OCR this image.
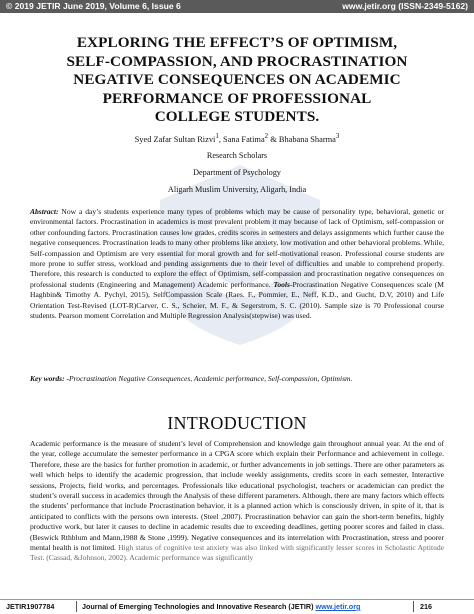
© 2019 JETIR June 2019, Volume 6, Issue 6	www.jetir.org (ISSN-2349-5162)
EXPLORING THE EFFECT’S OF OPTIMISM,
SELF-COMPASSION, AND PROCRASTINATION
NEGATIVE CONSEQUENCES ON ACADEMIC
PERFORMANCE OF PROFESSIONAL
COLLEGE STUDENTS.
Syed Zafar Sultan Rizvi$^1$, Sana Fatima$^2$ & Bhabana Sharma$^3$
Research Scholars
Department of Psychology
Aligarh Muslim University, Aligarh, India
Abstract: Now a day’s students experience many types of problems which may be cause of personality type, behavioral, genetic or environmental factors. Procrastination in academics is most prevalent problem it may because of lack of Optimism, self-compassion or other confounding factors. Procrastination causes low grades, credits scores in semesters and delays assignments which further cause the negative consequences. Procrastination leads to many other problems like anxiety, low motivation and other behavioral problems. While, Self-compassion and Optimism are very essential for moral growth and for self-motivational reason. Professional course students are more prone to suffer stress, workload and pending assignments due to their level of difficulties and unable to comprehend properly. Therefore, this research is conducted to explore the effect of Optimism, self-compassion and procrastination negative consequences on professional students (Engineering and Management) Academic performance. Tools-Procrastination Negative Consequences scale (M Haghbin& Timothy A. Pychyl, 2015), SelfCompassion Scale (Raes. F., Pommier, E., Neff, K.D., and Gucht, D.V, 2010) and Life Orientation Test-Revised (LOT-R)Carver, C. S., Scheier, M. F., & Segerstrom, S. C. (2010). Sample size is 70 Professional course students. Pearson moment Correlation and Multiple Regression Analysis(stepwise) was used.
Key words: -Procrastination Negative Consequences, Academic performance, Self-compassion, Optimism.
INTRODUCTION
Academic performance is the measure of student’s level of Comprehension and knowledge gain throughout annual year. At the end of the year, college accumulate the semester performance in a CPGA score which explain their Performance and achievement in college. Therefore, these are the basics for further promotion in academic, or further advancements in job settings. There are other parameters as well which helps to identify the academic progression, that include weekly assignments, credits score in each semester, Interactive sessions, Projects, field works, and percentages. Professionals like educational psychologist, teachers or academician can predict the student’s overall success in academics through the Analysis of these different parameters. Although, there are many factors which effects the students’ performance that include Procrastination behavior, it is a planned action which is consciously driven, in spite of it, that is anticipated to conflicts with the persons own interests. (Steel ,2007). Procrastination behavior can gain the short-term benefits, highly productive work, but later it causes to decline in academic results due to exceeding deadlines, getting poorer scores and failed in class. (Beswick Rthblum and Mann,1988 & Stone ,1999). Negative consequences and its interrelation with Procrastination, stress and poorer mental health is not limited. High status of cognitive test anxiety was also linked with significantly lesser scores in Scholastic Aptitude Test. (Cassad, &Johnson, 2002). Academic performance was significantly
JETIR1907784	Journal of Emerging Technologies and Innovative Research (JETIR) www.jetir.org	216
